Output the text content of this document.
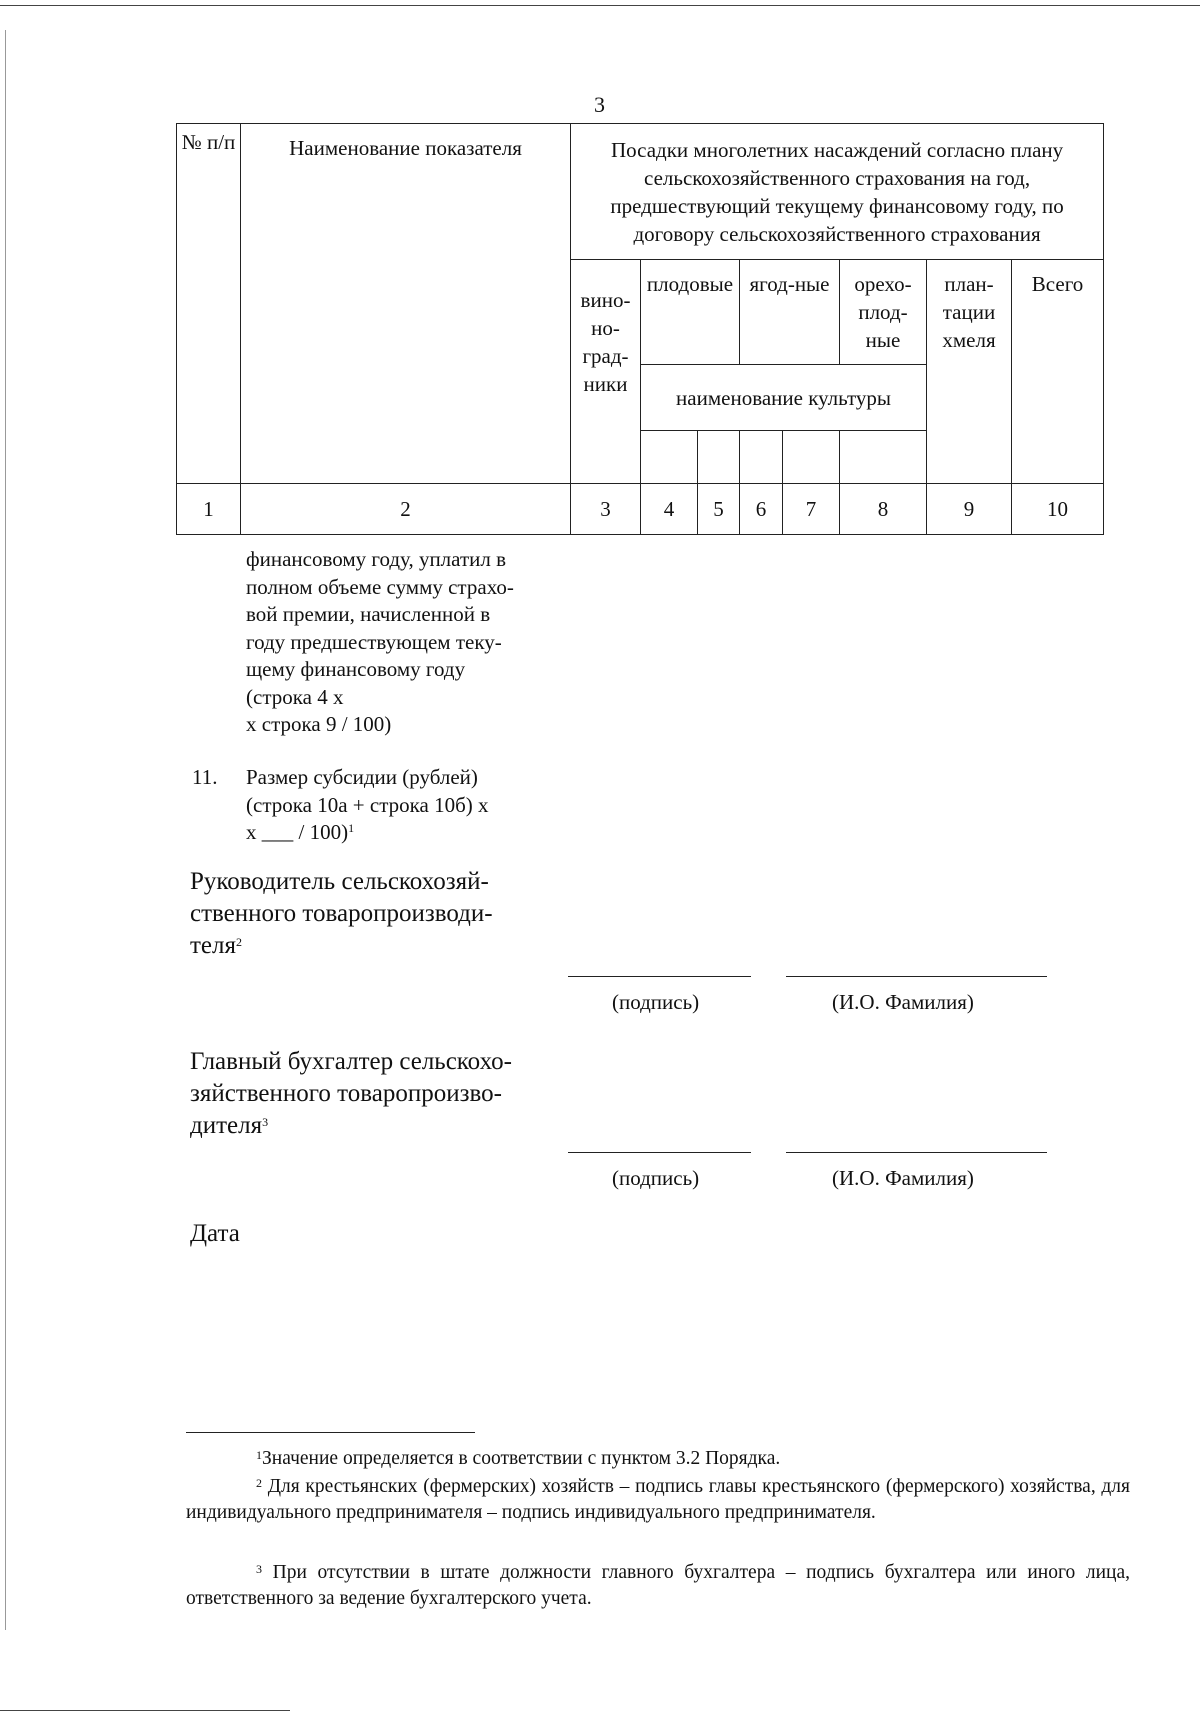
3
№ п/п	Наименование показателя	Посадки многолетних насаждений согласно плану сельскохозяйственного страхования на год, предшествующий текущему финансовому году, по договору сельскохозяйственного страхования							
		вино-но-град-ники	плодовые		ягод-ные		орехо-плод-ные	план-тации хмеля	Всего
			наименование культуры						

1	2	3	4	5	6	7	8	9	10
финансовому году, уплатил в
полном объеме сумму страхо-
вой премии, начисленной в
году предшествующем теку-
щему финансовому году
(строка 4 х
х строка 9 / 100)
11. Размер субсидии (рублей)
(строка 10а + строка 10б) х
х ___ / 100)$^1$
Руководитель сельскохозяй-
ственного товаропроизводи-
теля$^2$
(подпись)	(И.О. Фамилия)
Главный бухгалтер сельскохо-
зяйственного товаропроизво-
дителя$^3$
(подпись)	(И.О. Фамилия)
Дата
$^1$Значение определяется в соответствии с пунктом 3.2 Порядка.
$^2$ Для крестьянских (фермерских) хозяйств – подпись главы крестьянского (фермерского) хозяйства, для индивидуального предпринимателя – подпись индивидуального предпринимателя.
$^3$ При отсутствии в штате должности главного бухгалтера – подпись бухгалтера или иного лица, ответственного за ведение бухгалтерского учета.
